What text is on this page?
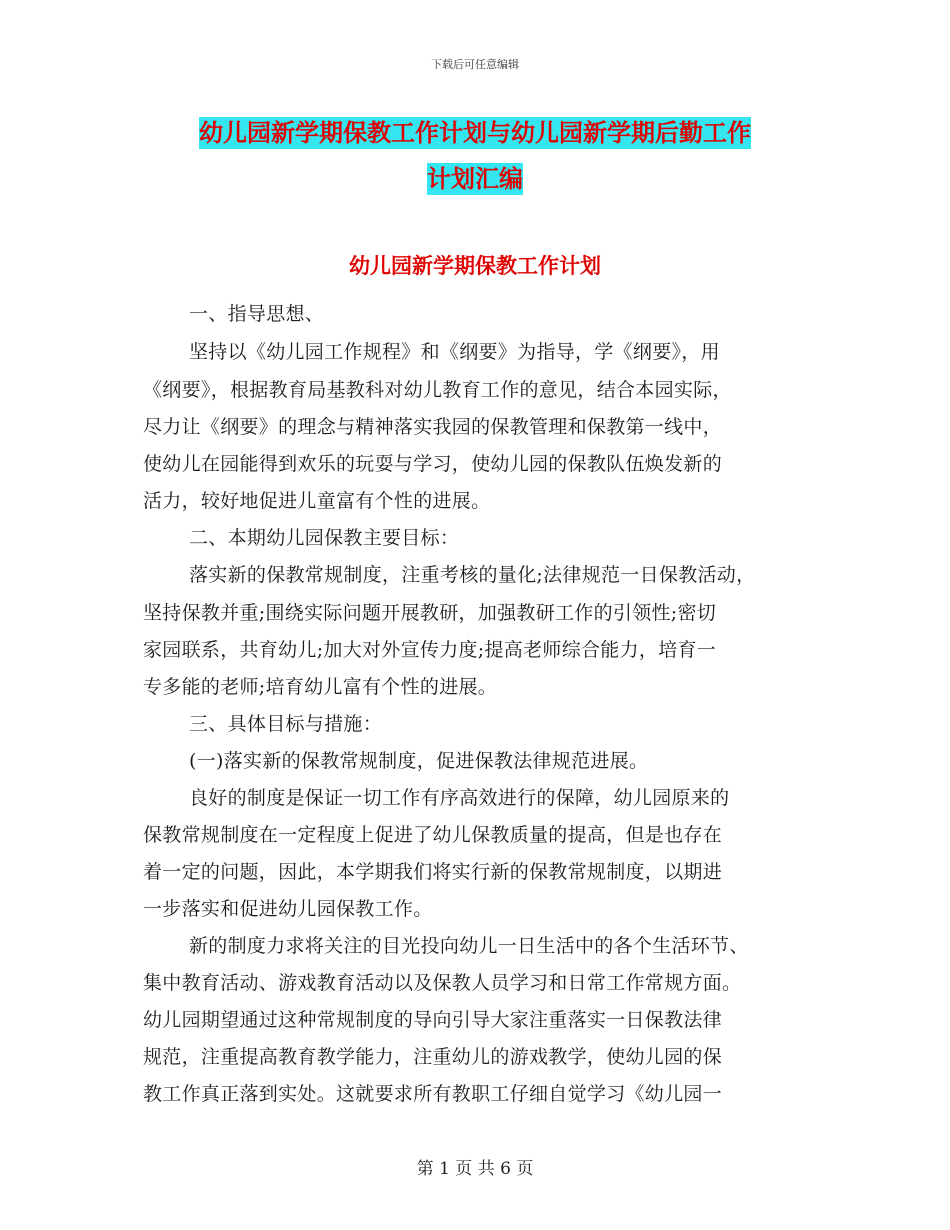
下载后可任意编辑
幼儿园新学期保教工作计划与幼儿园新学期后勤工作
计划汇编
幼儿园新学期保教工作计划
一、指导思想、
坚持以《幼儿园工作规程》和《纲要》为指导，学《纲要》，用
《纲要》，根据教育局基教科对幼儿教育工作的意见，结合本园实际，
尽力让《纲要》的理念与精神落实我园的保教管理和保教第一线中，
使幼儿在园能得到欢乐的玩耍与学习，使幼儿园的保教队伍焕发新的
活力，较好地促进儿童富有个性的进展。
二、本期幼儿园保教主要目标：
落实新的保教常规制度，注重考核的量化;法律规范一日保教活动，
坚持保教并重;围绕实际问题开展教研，加强教研工作的引领性;密切
家园联系，共育幼儿;加大对外宣传力度;提高老师综合能力，培育一
专多能的老师;培育幼儿富有个性的进展。
三、具体目标与措施：
(一)落实新的保教常规制度，促进保教法律规范进展。
良好的制度是保证一切工作有序高效进行的保障，幼儿园原来的
保教常规制度在一定程度上促进了幼儿保教质量的提高，但是也存在
着一定的问题，因此，本学期我们将实行新的保教常规制度，以期进
一步落实和促进幼儿园保教工作。
新的制度力求将关注的目光投向幼儿一日生活中的各个生活环节、
集中教育活动、游戏教育活动以及保教人员学习和日常工作常规方面。
幼儿园期望通过这种常规制度的导向引导大家注重落实一日保教法律
规范，注重提高教育教学能力，注重幼儿的游戏教学，使幼儿园的保
教工作真正落到实处。这就要求所有教职工仔细自觉学习《幼儿园一
第 1 页 共 6 页
